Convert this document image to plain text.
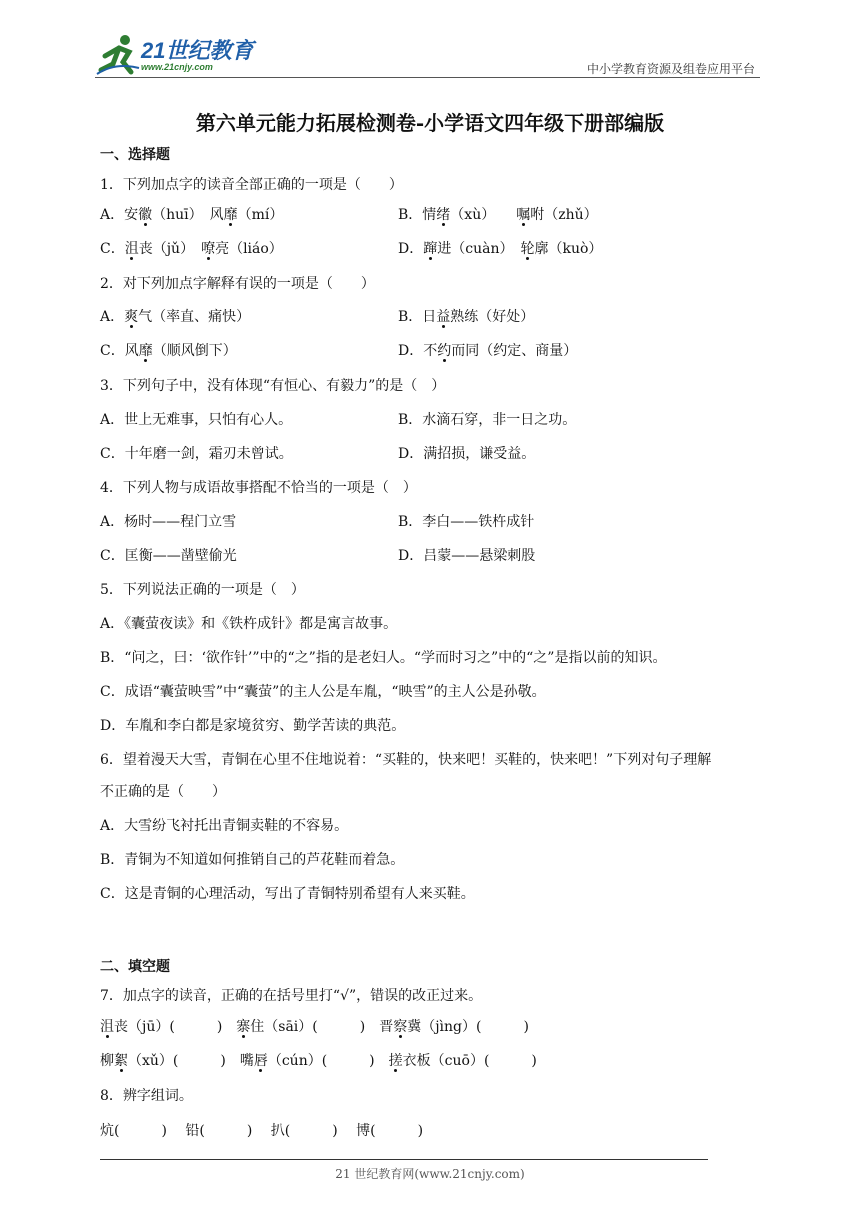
21世纪教育
www.21cnjy.com	中小学教育资源及组卷应用平台
第六单元能力拓展检测卷-小学语文四年级下册部编版
一、选择题
1．下列加点字的读音全部正确的一项是（　　）
A．安徽（huī）　风靡（mí）	B．情绪（xù）　　嘱咐（zhǔ）
C．沮丧（jǔ）　嘹亮（liáo）	D．蹿进（cuàn）　轮廓（kuò）
2．对下列加点字解释有误的一项是（　　）
A．爽气（率直、痛快）	B．日益熟练（好处）
C．风靡（顺风倒下）	D．不约而同（约定、商量）
3．下列句子中，没有体现“有恒心、有毅力”的是（　）
A．世上无难事，只怕有心人。	B．水滴石穿，非一日之功。
C．十年磨一剑，霜刃未曾试。	D．满招损，谦受益。
4．下列人物与成语故事搭配不恰当的一项是（　）
A．杨时——程门立雪	B．李白——铁杵成针
C．匡衡——凿壁偷光	D．吕蒙——悬梁刺股
5．下列说法正确的一项是（　）
A．《囊萤夜读》和《铁杵成针》都是寓言故事。
B．“问之，曰：‘欲作针’”中的“之”指的是老妇人。“学而时习之”中的“之”是指以前的知识。
C．成语“囊萤映雪”中“囊萤”的主人公是车胤，“映雪”的主人公是孙敬。
D．车胤和李白都是家境贫穷、勤学苦读的典范。
6．望着漫天大雪，青铜在心里不住地说着：“买鞋的，快来吧！买鞋的，快来吧！”下列对句子理解
不正确的是（　　）
A．大雪纷飞衬托出青铜卖鞋的不容易。
B．青铜为不知道如何推销自己的芦花鞋而着急。
C．这是青铜的心理活动，写出了青铜特别希望有人来买鞋。
二、填空题
7．加点字的读音，正确的在括号里打“√”，错误的改正过来。
沮丧（jū）(　　　)　寨住（sāi）(　　　)　晋察冀（jìng）(　　　)
柳絮（xǔ）(　　　)　嘴唇（cún）(　　　)　搓衣板（cuō）(　　　)
8．辨字组词。
炕(　　　)　 铅(　　　)　 扒(　　　)　 博(　　　)
21 世纪教育网(www.21cnjy.com)
